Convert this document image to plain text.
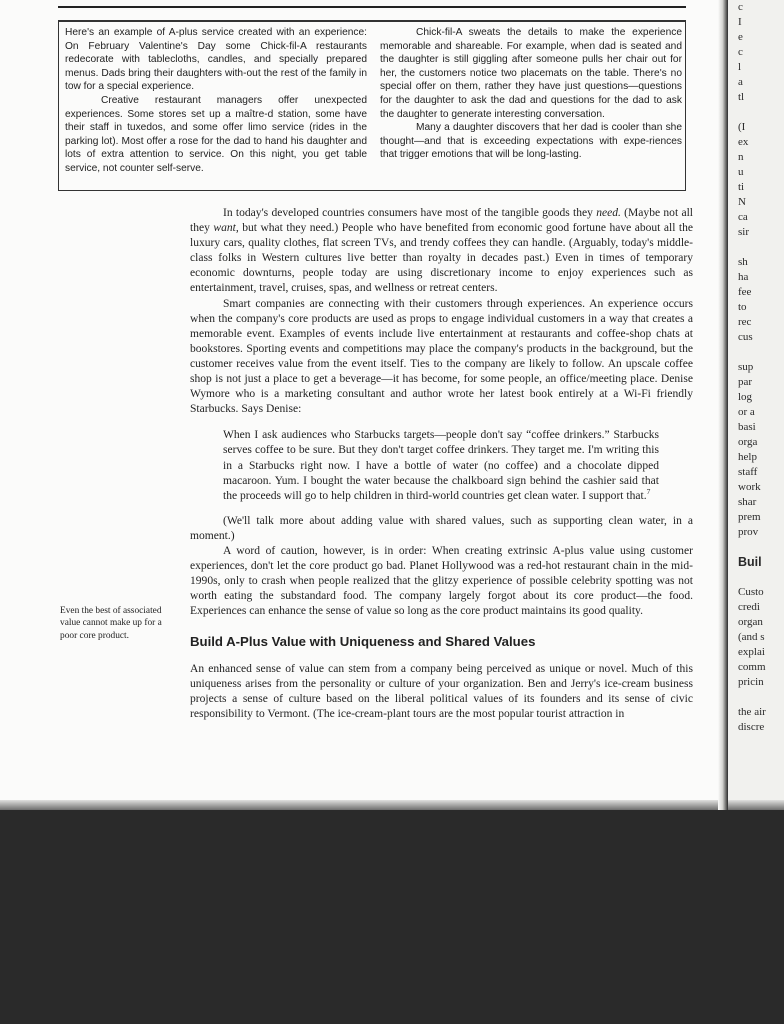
c
I
e
c
l
a
tl
(I
ex
n
u
ti
N
ca
sir
sh
ha
fee
to
rec
cus
sup
par
log
or a
basi
orga
help
staff
work
shar
prem
prov
Buil
Custo
credi
organ
(and s
explai
comm
pricin
the air
discre

Here's an example of A-plus service created with an experience: On February Valentine's Day some Chick-fil-A restaurants redecorate with tablecloths, candles, and specially prepared menus. Dads bring their daughters with-out the rest of the family in tow for a special experience.

Creative restaurant managers offer unexpected experiences. Some stores set up a maître-d station, some have their staff in tuxedos, and some offer limo service (rides in the parking lot). Most offer a rose for the dad to hand his daughter and lots of extra attention to service. On this night, you get table service, not counter self-serve.

Chick-fil-A sweats the details to make the experience memorable and shareable. For example, when dad is seated and the daughter is still giggling after someone pulls her chair out for her, the customers notice two placemats on the table. There's no special offer on them, rather they have just questions—questions for the daughter to ask the dad and questions for the dad to ask the daughter to generate interesting conversation.

Many a daughter discovers that her dad is cooler than she thought—and that is exceeding expectations with expe-riences that trigger emotions that will be long-lasting.

In today's developed countries consumers have most of the tangible goods they need. (Maybe not all they want, but what they need.) People who have benefited from economic good fortune have about all the luxury cars, quality clothes, flat screen TVs, and trendy coffees they can handle. (Arguably, today's middle-class folks in Western cultures live better than royalty in decades past.) Even in times of temporary economic downturns, people today are using discretionary income to enjoy experiences such as entertainment, travel, cruises, spas, and wellness or retreat centers.

Smart companies are connecting with their customers through experiences. An experience occurs when the company's core products are used as props to engage individual customers in a way that creates a memorable event. Examples of events include live entertainment at restaurants and coffee-shop chats at bookstores. Sporting events and competitions may place the company's products in the background, but the customer receives value from the event itself. Ties to the company are likely to follow. An upscale coffee shop is not just a place to get a beverage—it has become, for some people, an office/meeting place. Denise Wymore who is a marketing consultant and author wrote her latest book entirely at a Wi-Fi friendly Starbucks. Says Denise:

When I ask audiences who Starbucks targets—people don't say “coffee drinkers.” Starbucks serves coffee to be sure. But they don't target coffee drinkers. They target me. I'm writing this in a Starbucks right now. I have a bottle of water (no coffee) and a chocolate dipped macaroon. Yum. I bought the water because the chalkboard sign behind the cashier said that the proceeds will go to help children in third-world countries get clean water. I support that.$^7$

(We'll talk more about adding value with shared values, such as supporting clean water, in a moment.)

A word of caution, however, is in order: When creating extrinsic A-plus value using customer experiences, don't let the core product go bad. Planet Hollywood was a red-hot restaurant chain in the mid-1990s, only to crash when people realized that the glitzy experience of possible celebrity spotting was not worth eating the substandard food. The company largely forgot about its core product—the food. Experiences can enhance the sense of value so long as the core product maintains its good quality.

Build A-Plus Value with Uniqueness and Shared Values

An enhanced sense of value can stem from a company being perceived as unique or novel. Much of this uniqueness arises from the personality or culture of your organization. Ben and Jerry's ice-cream business projects a sense of culture based on the liberal political values of its founders and its sense of civic responsibility to Vermont. (The ice-cream-plant tours are the most popular tourist attraction in

Even the best of associated value cannot make up for a poor core product.
